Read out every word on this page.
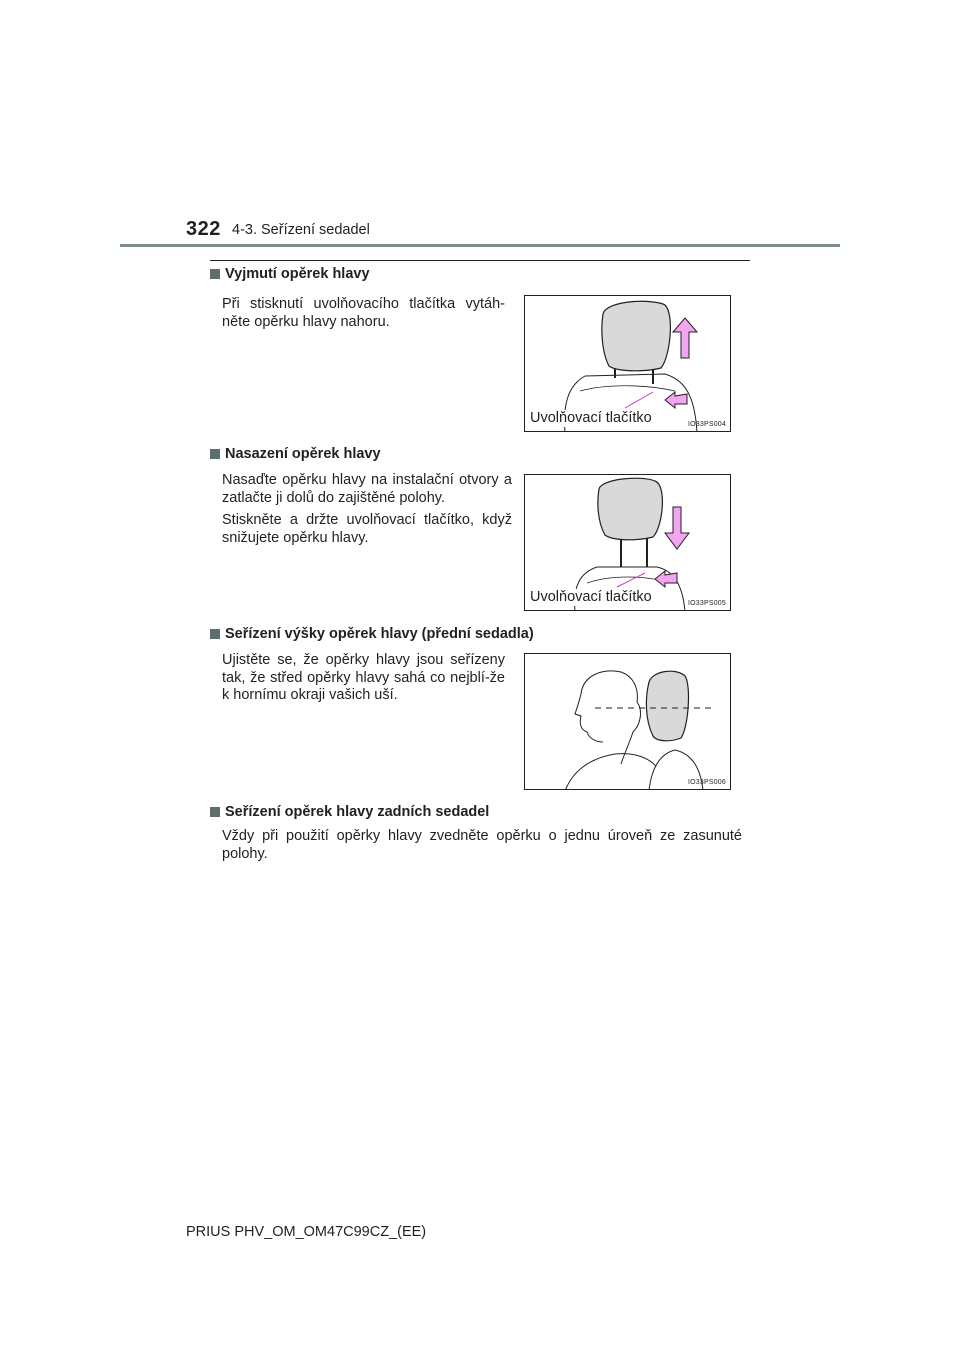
322 4-3. Seřízení sedadel
Vyjmutí opěrek hlavy
Při stisknutí uvolňovacího tlačítka vytáh-něte opěrku hlavy nahoru.
Uvolňovací tlačítko	IO33PS004
Nasazení opěrek hlavy
Nasaďte opěrku hlavy na instalační otvory a zatlačte ji dolů do zajištěné polohy.
Stiskněte a držte uvolňovací tlačítko, když snižujete opěrku hlavy.
Uvolňovací tlačítko	IO33PS005
Seřízení výšky opěrek hlavy (přední sedadla)
Ujistěte se, že opěrky hlavy jsou seřízeny tak, že střed opěrky hlavy sahá co nejblí-že k hornímu okraji vašich uší.
IO33PS006
Seřízení opěrek hlavy zadních sedadel
Vždy při použití opěrky hlavy zvedněte opěrku o jednu úroveň ze zasunuté polohy.
PRIUS PHV_OM_OM47C99CZ_(EE)
